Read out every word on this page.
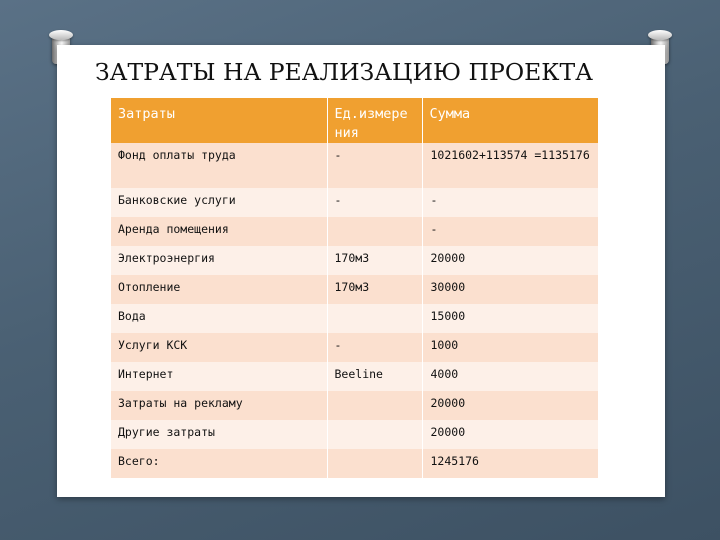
ЗАТРАТЫ НА РЕАЛИЗАЦИЮ ПРОЕКТА
Затраты	Ед.измере ния	Сумма
Фонд оплаты труда	-	1021602+113574 =1135176
Банковские услуги	-	-
Аренда помещения		-
Электроэнергия	170м3	20000
Отопление	170м3	30000
Вода		15000
Услуги КСК	-	1000
Интернет	Beeline	4000
Затраты на рекламу		20000
Другие затраты		20000
Всего:		1245176
